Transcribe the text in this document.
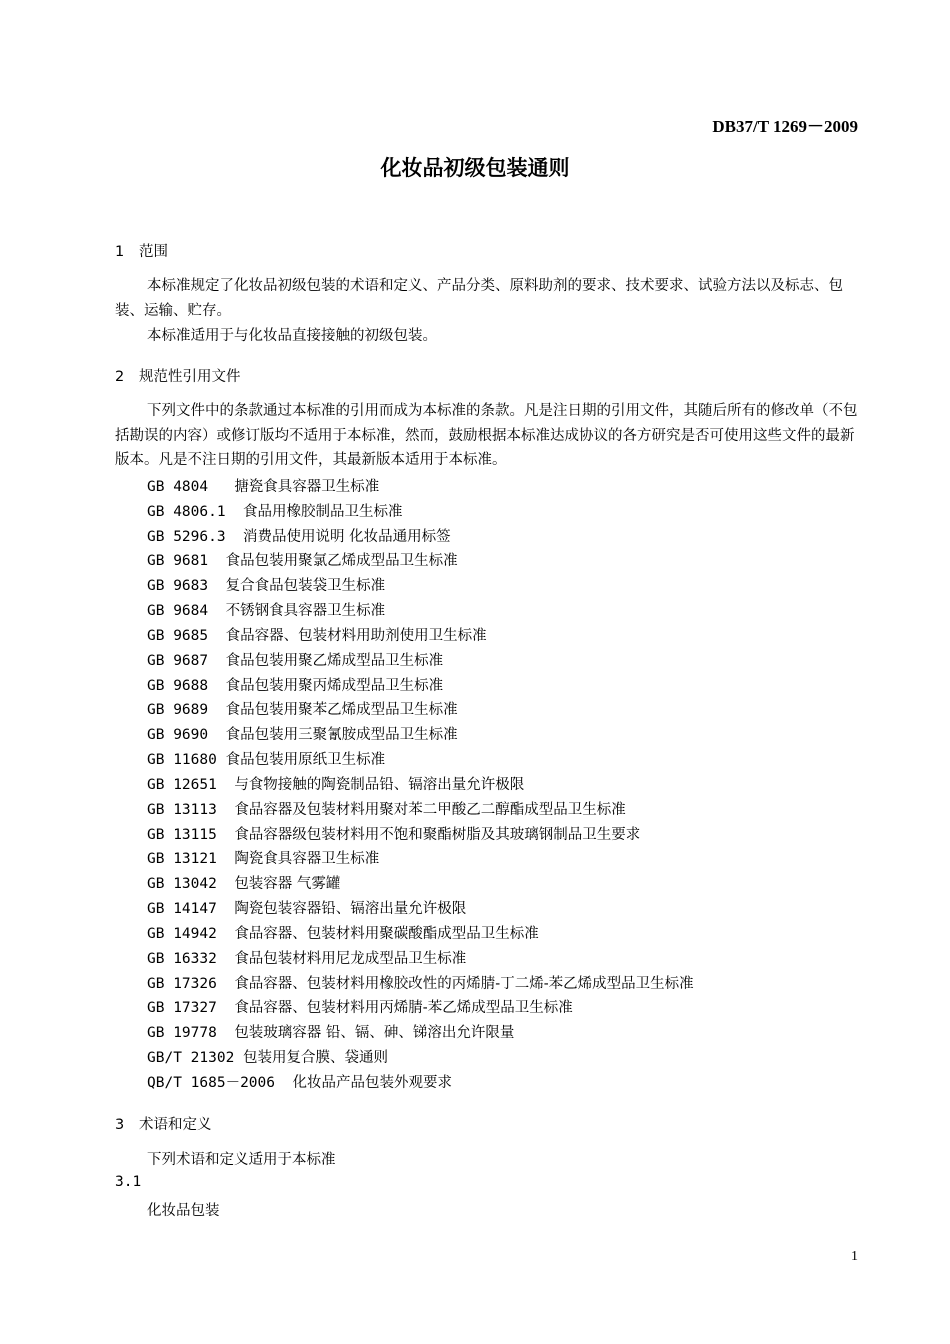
DB37/T 1269－2009
化妆品初级包装通则
1 范围
本标准规定了化妆品初级包装的术语和定义、产品分类、原料助剂的要求、技术要求、试验方法以及标志、包装、运输、贮存。
本标准适用于与化妆品直接接触的初级包装。
2 规范性引用文件
下列文件中的条款通过本标准的引用而成为本标准的条款。凡是注日期的引用文件，其随后所有的修改单（不包括勘误的内容）或修订版均不适用于本标准，然而，鼓励根据本标准达成协议的各方研究是否可使用这些文件的最新版本。凡是不注日期的引用文件，其最新版本适用于本标准。
GB 4804 搪瓷食具容器卫生标准
GB 4806.1 食品用橡胶制品卫生标准
GB 5296.3 消费品使用说明 化妆品通用标签
GB 9681 食品包装用聚氯乙烯成型品卫生标准
GB 9683 复合食品包装袋卫生标准
GB 9684 不锈钢食具容器卫生标准
GB 9685 食品容器、包装材料用助剂使用卫生标准
GB 9687 食品包装用聚乙烯成型品卫生标准
GB 9688 食品包装用聚丙烯成型品卫生标准
GB 9689 食品包装用聚苯乙烯成型品卫生标准
GB 9690 食品包装用三聚氰胺成型品卫生标准
GB 11680 食品包装用原纸卫生标准
GB 12651 与食物接触的陶瓷制品铅、镉溶出量允许极限
GB 13113 食品容器及包装材料用聚对苯二甲酸乙二醇酯成型品卫生标准
GB 13115 食品容器级包装材料用不饱和聚酯树脂及其玻璃钢制品卫生要求
GB 13121 陶瓷食具容器卫生标准
GB 13042 包装容器 气雾罐
GB 14147 陶瓷包装容器铅、镉溶出量允许极限
GB 14942 食品容器、包装材料用聚碳酸酯成型品卫生标准
GB 16332 食品包装材料用尼龙成型品卫生标准
GB 17326 食品容器、包装材料用橡胶改性的丙烯腈-丁二烯-苯乙烯成型品卫生标准
GB 17327 食品容器、包装材料用丙烯腈-苯乙烯成型品卫生标准
GB 19778 包装玻璃容器 铅、镉、砷、锑溶出允许限量
GB/T 21302 包装用复合膜、袋通则
QB/T 1685－2006 化妆品产品包装外观要求
3 术语和定义
下列术语和定义适用于本标准
3.1
化妆品包装
1
